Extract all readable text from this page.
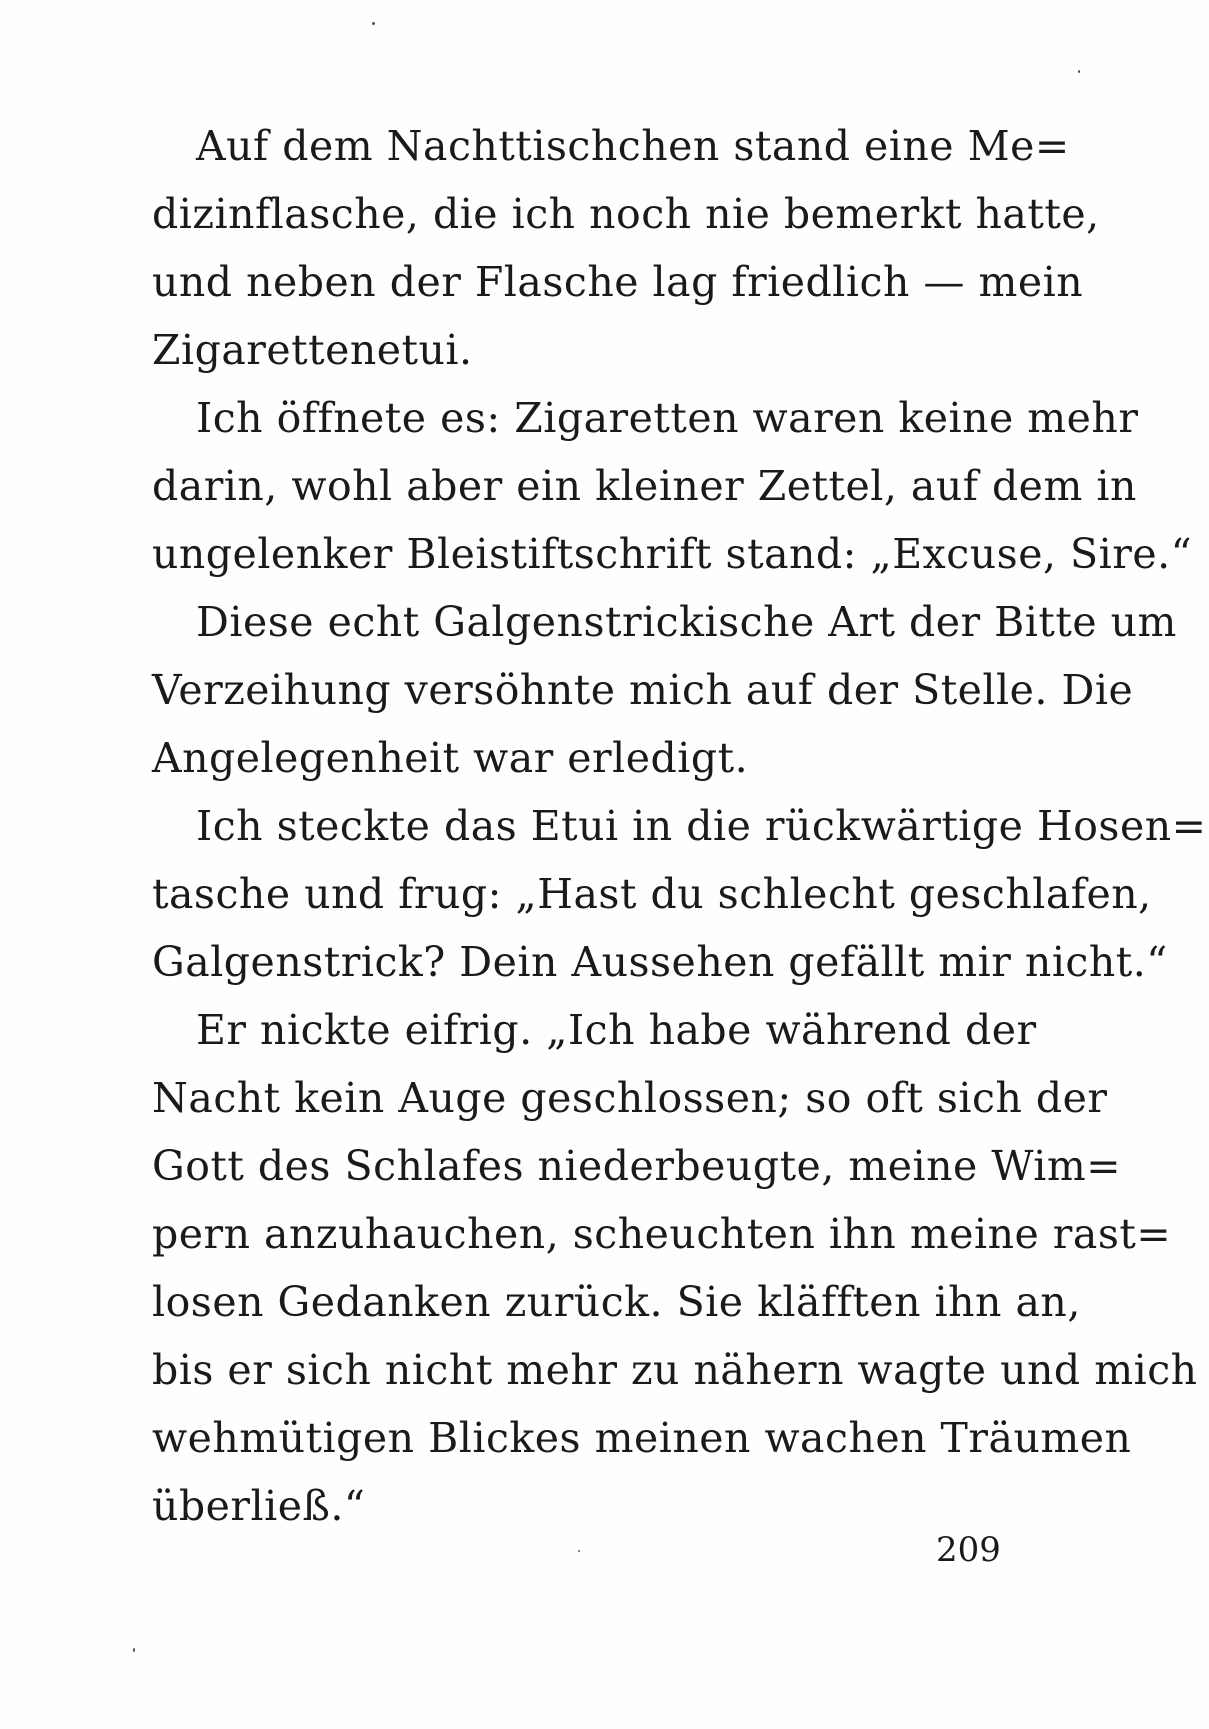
Auf dem Nachttischchen stand eine Me=
dizinflasche, die ich noch nie bemerkt hatte,
und neben der Flasche lag friedlich — mein
Zigarettenetui.
Ich öffnete es: Zigaretten waren keine mehr
darin, wohl aber ein kleiner Zettel, auf dem in
ungelenker Bleistiftschrift stand: „Excuse, Sire.“
Diese echt Galgenstrickische Art der Bitte um
Verzeihung versöhnte mich auf der Stelle. Die
Angelegenheit war erledigt.
Ich steckte das Etui in die rückwärtige Hosen=
tasche und frug: „Hast du schlecht geschlafen,
Galgenstrick? Dein Aussehen gefällt mir nicht.“
Er nickte eifrig. „Ich habe während der
Nacht kein Auge geschlossen; so oft sich der
Gott des Schlafes niederbeugte, meine Wim=
pern anzuhauchen, scheuchten ihn meine rast=
losen Gedanken zurück. Sie kläfften ihn an,
bis er sich nicht mehr zu nähern wagte und mich
wehmütigen Blickes meinen wachen Träumen
überließ.“
209
